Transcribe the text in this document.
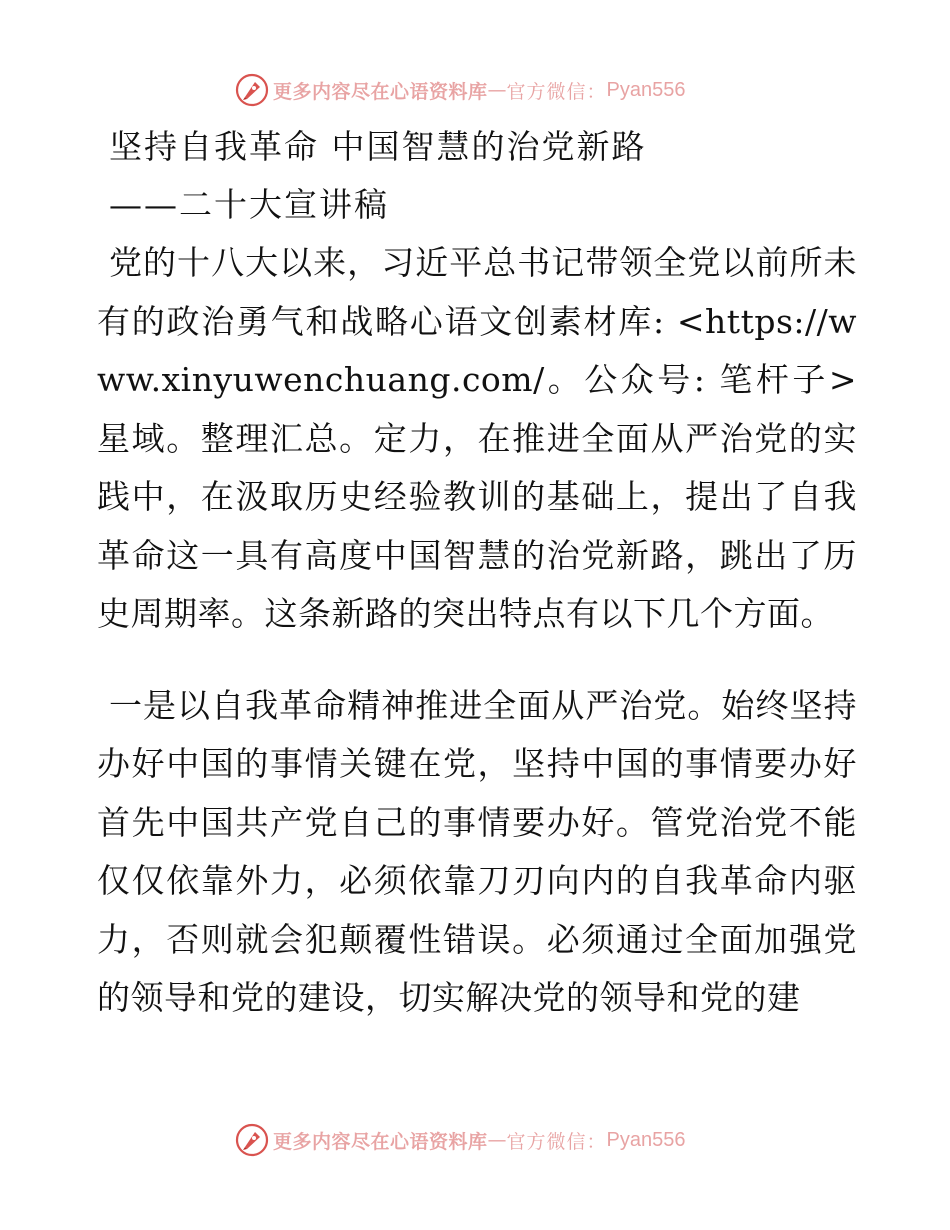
更多内容尽在心语资料库 — 官方微信： Pyan556
坚持自我革命 中国智慧的治党新路
——二十大宣讲稿

党的十八大以来，习近平总书记带领全党以前所未有的政治勇气和战略心语文创素材库: <https://www.xinyuwenchuang.com/。公众号: 笔杆子>星域。整理汇总。定力，在推进全面从严治党的实践中，在汲取历史经验教训的基础上，提出了自我革命这一具有高度中国智慧的治党新路，跳出了历史周期率。这条新路的突出特点有以下几个方面。

一是以自我革命精神推进全面从严治党。始终坚持办好中国的事情关键在党，坚持中国的事情要办好首先中国共产党自己的事情要办好。管党治党不能仅仅依靠外力，必须依靠刀刃向内的自我革命内驱力，否则就会犯颠覆性错误。必须通过全面加强党的领导和党的建设，切实解决党的领导和党的建

更多内容尽在心语资料库 — 官方微信： Pyan556
